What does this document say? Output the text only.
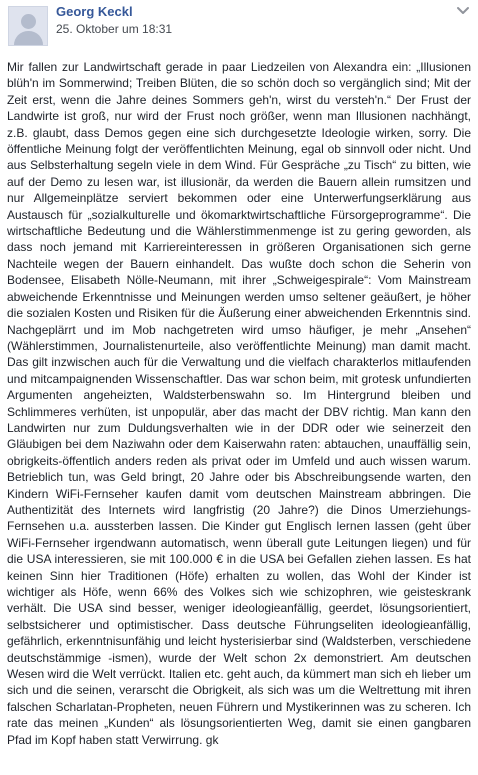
Georg Keckl
25. Oktober um 18:31
Mir fallen zur Landwirtschaft gerade in paar Liedzeilen von Alexandra ein: „Illusionen blüh'n im Sommerwind; Treiben Blüten, die so schön doch so vergänglich sind; Mit der Zeit erst, wenn die Jahre deines Sommers geh'n, wirst du versteh'n.“ Der Frust der Landwirte ist groß, nur wird der Frust noch größer, wenn man Illusionen nachhängt, z.B. glaubt, dass Demos gegen eine sich durchgesetzte Ideologie wirken, sorry. Die öffentliche Meinung folgt der veröffentlichten Meinung, egal ob sinnvoll oder nicht. Und aus Selbsterhaltung segeln viele in dem Wind. Für Gespräche „zu Tisch“ zu bitten, wie auf der Demo zu lesen war, ist illusionär, da werden die Bauern allein rumsitzen und nur Allgemeinplätze serviert bekommen oder eine Unterwerfungserklärung aus Austausch für „sozialkulturelle und ökomarktwirtschaftliche Fürsorgeprogramme“. Die wirtschaftliche Bedeutung und die Wählerstimmenmenge ist zu gering geworden, als dass noch jemand mit Karriereinteressen in größeren Organisationen sich gerne Nachteile wegen der Bauern einhandelt. Das wußte doch schon die Seherin von Bodensee, Elisabeth Nölle-Neumann, mit ihrer „Schweigespirale“: Vom Mainstream abweichende Erkenntnisse und Meinungen werden umso seltener geäußert, je höher die sozialen Kosten und Risiken für die Äußerung einer abweichenden Erkenntnis sind. Nachgeplärrt und im Mob nachgetreten wird umso häufiger, je mehr „Ansehen“ (Wählerstimmen, Journalistenurteile, also veröffentlichte Meinung) man damit macht. Das gilt inzwischen auch für die Verwaltung und die vielfach charakterlos mitlaufenden und mitcampaignenden Wissenschaftler. Das war schon beim, mit grotesk unfundierten Argumenten angeheizten, Waldsterbenswahn so. Im Hintergrund bleiben und Schlimmeres verhüten, ist unpopulär, aber das macht der DBV richtig. Man kann den Landwirten nur zum Duldungsverhalten wie in der DDR oder wie seinerzeit den Gläubigen bei dem Naziwahn oder dem Kaiserwahn raten: abtauchen, unauffällig sein, obrigkeits-öffentlich anders reden als privat oder im Umfeld und auch wissen warum. Betrieblich tun, was Geld bringt, 20 Jahre oder bis Abschreibungsende warten, den Kindern WiFi-Fernseher kaufen damit vom deutschen Mainstream abbringen. Die Authentizität des Internets wird langfristig (20 Jahre?) die Dinos Umerziehungs-Fernsehen u.a. aussterben lassen. Die Kinder gut Englisch lernen lassen (geht über WiFi-Fernseher irgendwann automatisch, wenn überall gute Leitungen liegen) und für die USA interessieren, sie mit 100.000 € in die USA bei Gefallen ziehen lassen. Es hat keinen Sinn hier Traditionen (Höfe) erhalten zu wollen, das Wohl der Kinder ist wichtiger als Höfe, wenn 66% des Volkes sich wie schizophren, wie geisteskrank verhält. Die USA sind besser, weniger ideologieanfällig, geerdet, lösungsorientiert, selbstsicherer und optimistischer. Dass deutsche Führungseliten ideologieanfällig, gefährlich, erkenntnisunfähig und leicht hysterisierbar sind (Waldsterben, verschiedene deutschstämmige -ismen), wurde der Welt schon 2x demonstriert. Am deutschen Wesen wird die Welt verrückt. Italien etc. geht auch, da kümmert man sich eh lieber um sich und die seinen, verarscht die Obrigkeit, als sich was um die Weltrettung mit ihren falschen Scharlatan-Propheten, neuen Führern und Mystikerinnen was zu scheren. Ich rate das meinen „Kunden“ als lösungsorientierten Weg, damit sie einen gangbaren Pfad im Kopf haben statt Verwirrung. gk
